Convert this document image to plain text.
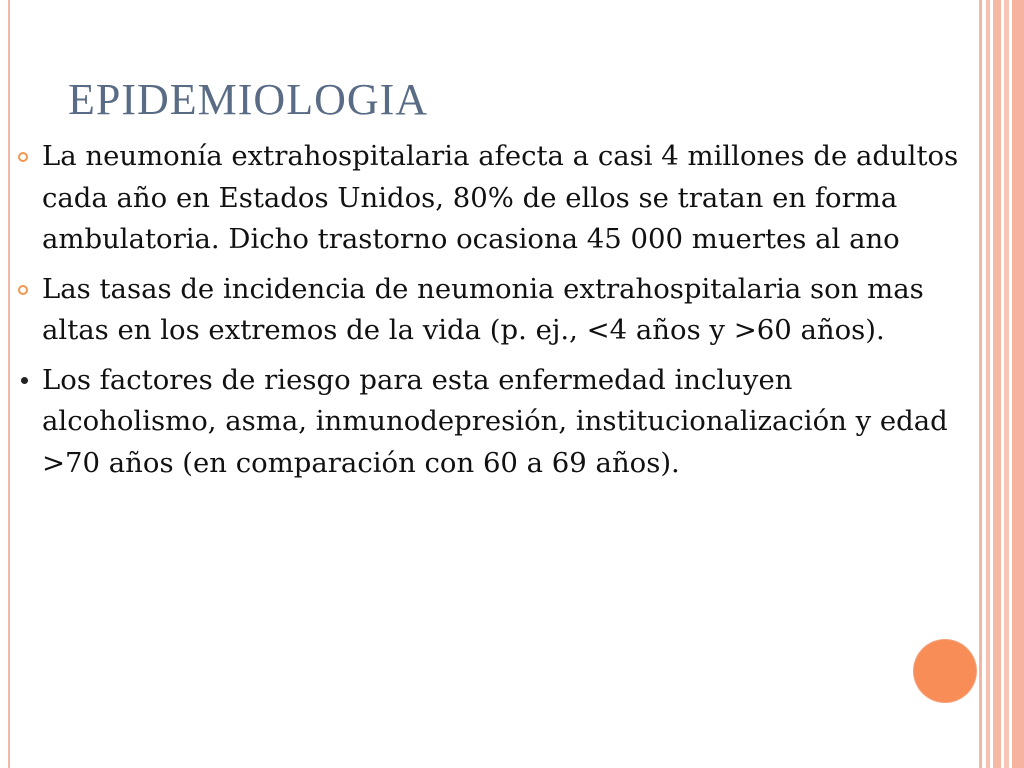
EPIDEMIOLOGIA
La neumonía extrahospitalaria afecta a casi 4 millones de adultos cada año en Estados Unidos, 80% de ellos se tratan en forma ambulatoria. Dicho trastorno ocasiona 45 000 muertes al ano
Las tasas de incidencia de neumonia extrahospitalaria son mas altas en los extremos de la vida (p. ej., <4 años y >60 años).
Los factores de riesgo para esta enfermedad incluyen alcoholismo, asma, inmunodepresión, institucionalización y edad >70 años (en comparación con 60 a 69 años).
